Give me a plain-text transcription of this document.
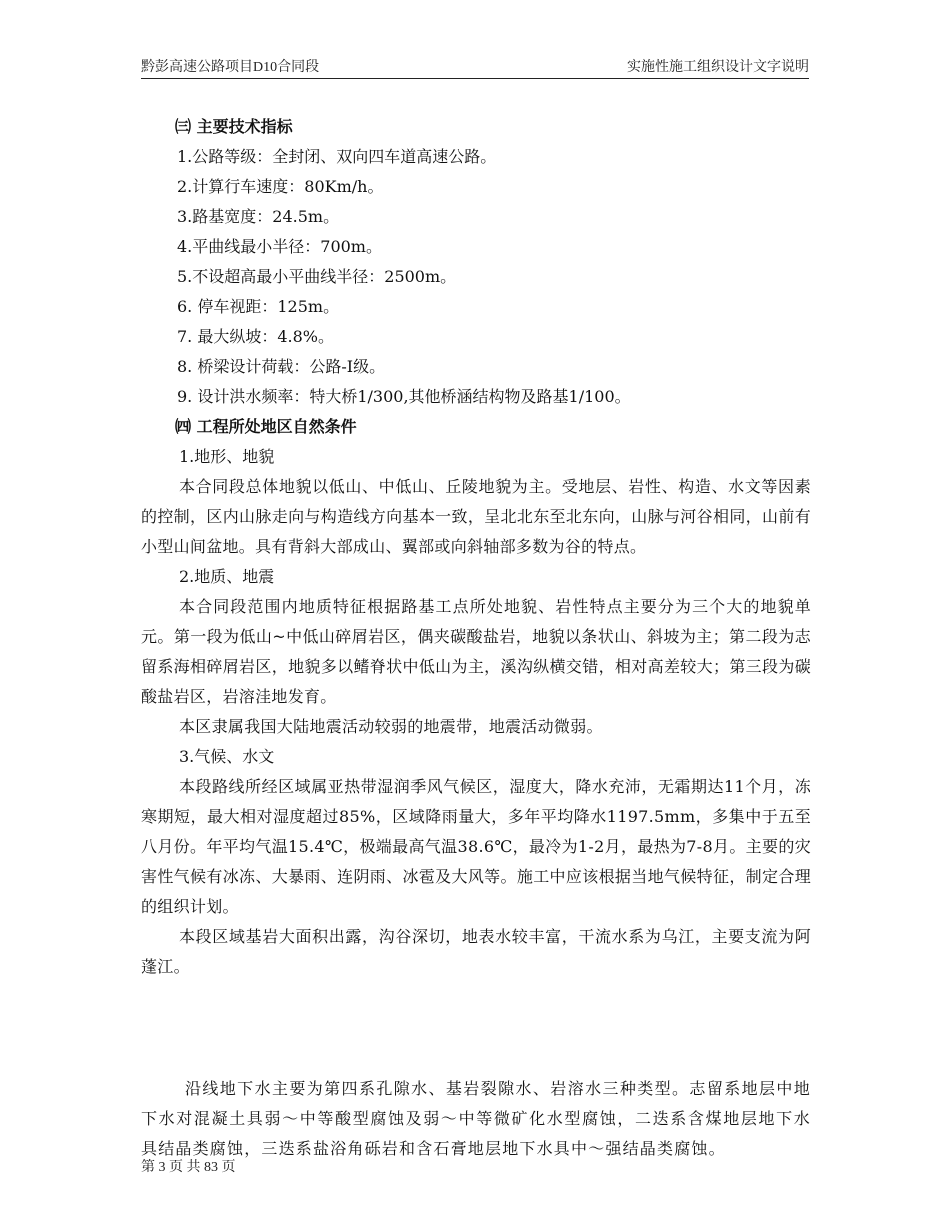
黔彭高速公路项目D10合同段	实施性施工组织设计文字说明
㈢ 主要技术指标
1.公路等级：全封闭、双向四车道高速公路。
2.计算行车速度：80Km/h。
3.路基宽度：24.5m。
4.平曲线最小半径：700m。
5.不设超高最小平曲线半径：2500m。
6. 停车视距：125m。
7. 最大纵坡：4.8%。
8. 桥梁设计荷载：公路-I级。
9. 设计洪水频率：特大桥1/300,其他桥涵结构物及路基1/100。
㈣ 工程所处地区自然条件
1.地形、地貌

本合同段总体地貌以低山、中低山、丘陵地貌为主。受地层、岩性、构造、水文等因素的控制，区内山脉走向与构造线方向基本一致，呈北北东至北东向，山脉与河谷相同，山前有小型山间盆地。具有背斜大部成山、翼部或向斜轴部多数为谷的特点。

2.地质、地震

本合同段范围内地质特征根据路基工点所处地貌、岩性特点主要分为三个大的地貌单元。第一段为低山~中低山碎屑岩区，偶夹碳酸盐岩，地貌以条状山、斜坡为主；第二段为志留系海相碎屑岩区，地貌多以鳍脊状中低山为主，溪沟纵横交错，相对高差较大；第三段为碳酸盐岩区，岩溶洼地发育。

本区隶属我国大陆地震活动较弱的地震带，地震活动微弱。

3.气候、水文

本段路线所经区域属亚热带湿润季风气候区，湿度大，降水充沛，无霜期达11个月，冻寒期短，最大相对湿度超过85%，区域降雨量大，多年平均降水1197.5mm，多集中于五至八月份。年平均气温15.4℃，极端最高气温38.6℃，最冷为1-2月，最热为7-8月。主要的灾害性气候有冰冻、大暴雨、连阴雨、冰雹及大风等。施工中应该根据当地气候特征，制定合理的组织计划。

本段区域基岩大面积出露，沟谷深切，地表水较丰富，干流水系为乌江，主要支流为阿蓬江。

沿线地下水主要为第四系孔隙水、基岩裂隙水、岩溶水三种类型。志留系地层中地下水对混凝土具弱～中等酸型腐蚀及弱～中等微矿化水型腐蚀，二迭系含煤地层地下水具结晶类腐蚀，三迭系盐浴角砾岩和含石膏地层地下水具中～强结晶类腐蚀。

第 3 页 共 83 页
